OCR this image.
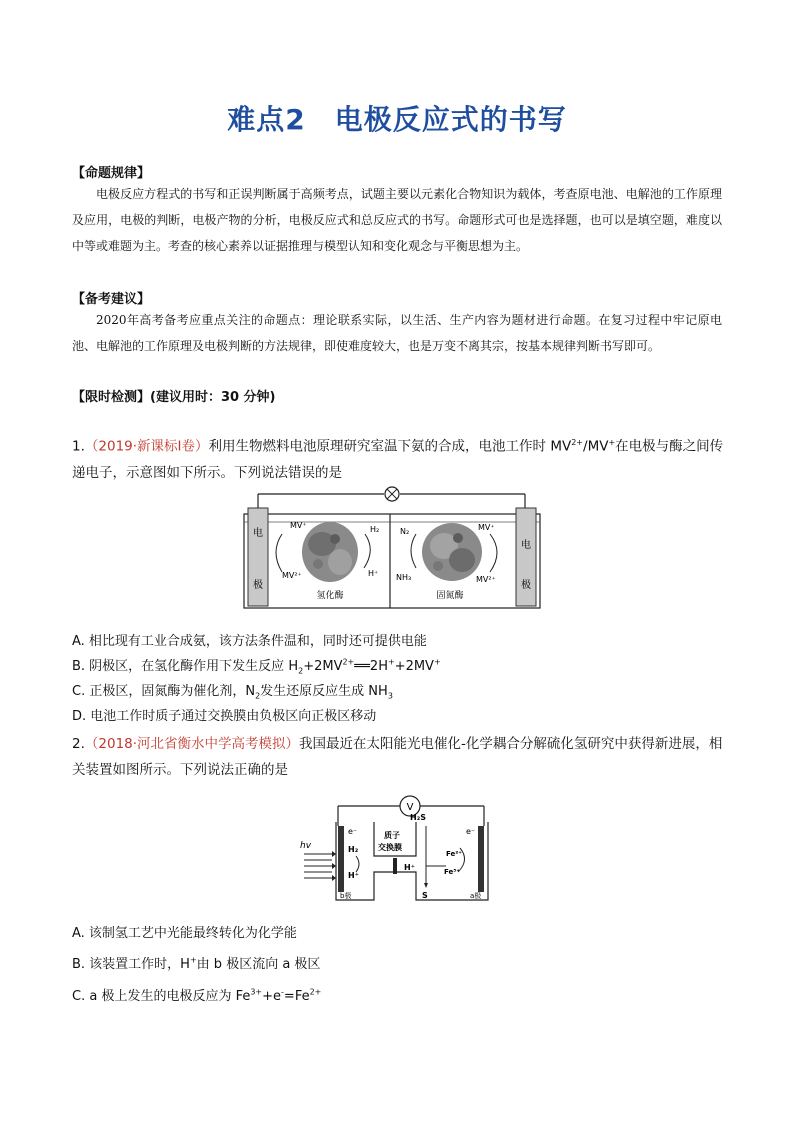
难点2　电极反应式的书写
【命题规律】
电极反应方程式的书写和正误判断属于高频考点，试题主要以元素化合物知识为载体，考查原电池、电解池的工作原理及应用，电极的判断，电极产物的分析，电极反应式和总反应式的书写。命题形式可也是选择题，也可以是填空题，难度以中等或难题为主。考查的核心素养以证据推理与模型认知和变化观念与平衡思想为主。
【备考建议】
2020年高考备考应重点关注的命题点：理论联系实际，以生活、生产内容为题材进行命题。在复习过程中牢记原电池、电解池的工作原理及电极判断的方法规律，即使难度较大，也是万变不离其宗，按基本规律判断书写即可。
【限时检测】(建议用时：30 分钟)
1.（2019·新课标Ⅰ卷）利用生物燃料电池原理研究室温下氨的合成，电池工作时 $MV^{2+}/MV^+$在电极与酶之间传递电子，示意图如下所示。下列说法错误的是
电
极
电
极
MV⁺
MV²⁺
H₂
H⁺
氢化酶
N₂
NH₃
MV⁺
MV²⁺
固氮酶
A. 相比现有工业合成氨，该方法条件温和，同时还可提供电能
B. 阴极区，在氢化酶作用下发生反应 $H_2+2MV^{2+}══2H^++2MV^+$
C. 正极区，固氮酶为催化剂，$N_2$发生还原反应生成 $NH_3$
D. 电池工作时质子通过交换膜由负极区向正极区移动
2.（2018·河北省衡水中学高考模拟）我国最近在太阳能光电催化-化学耦合分解硫化氢研究中获得新进展，相关装置如图所示。下列说法正确的是
V
hv
e⁻
H₂
H⁺
b极
质子
交换膜
H⁺
H₂S
S
Fe²⁺
Fe³⁺
e⁻
a极
A. 该制氢工艺中光能最终转化为化学能
B. 该装置工作时，H+由 b 极区流向 a 极区
C. a 极上发生的电极反应为 $Fe^{3+}+e^-=Fe^{2+}$
